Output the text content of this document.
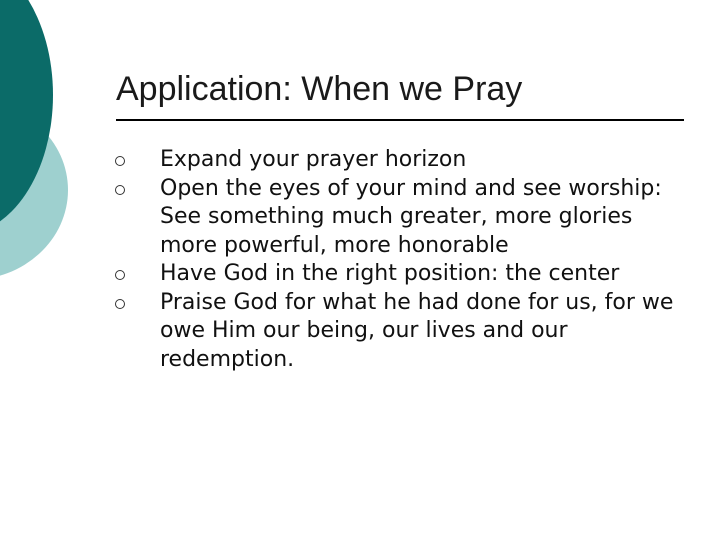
Application: When we Pray
Expand your prayer horizon
Open the eyes of your mind and see worship: See something much greater, more glories more powerful, more honorable
Have God in the right position: the center
Praise God for what he had done for us, for we owe Him our being, our lives and our redemption.
